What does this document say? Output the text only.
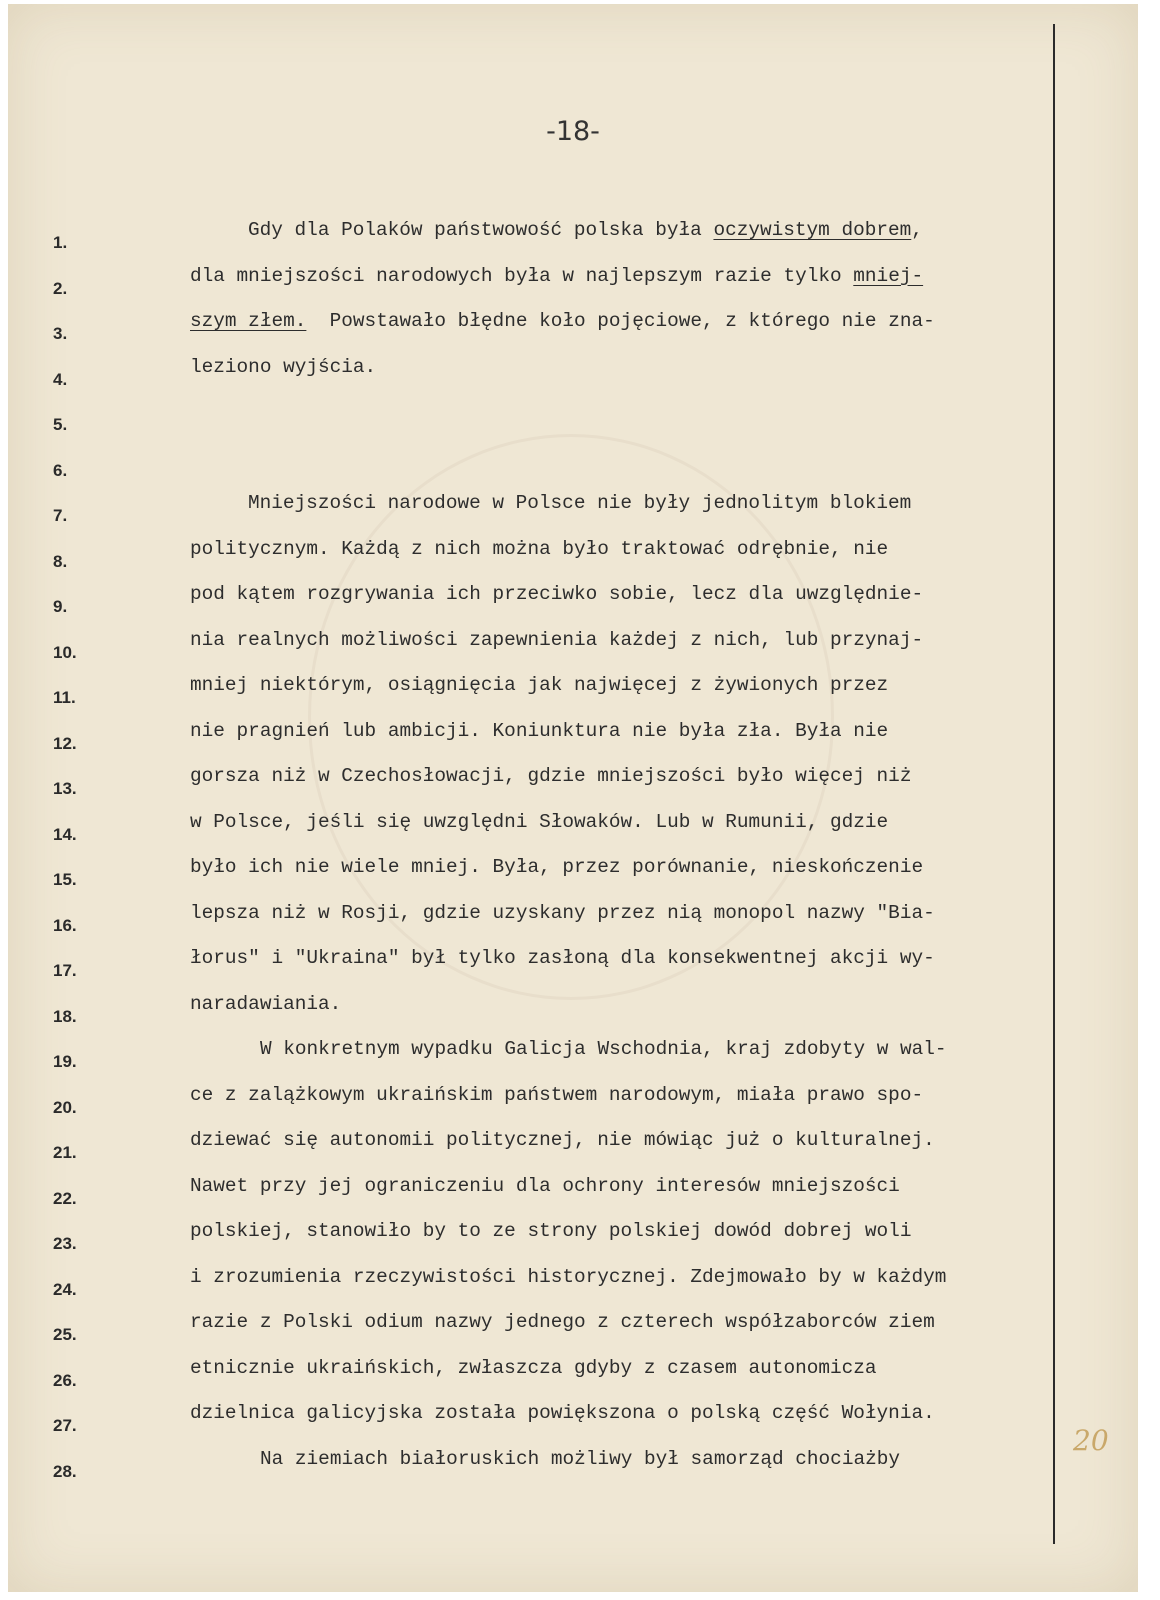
-18-
1.
2.
3.
4.
5.
6.
7.
8.
9.
10.
11.
12.
13.
14.
15.
16.
17.
18.
19.
20.
21.
22.
23.
24.
25.
26.
27.
28.
Gdy dla Polaków państwowość polska była oczywistym dobrem,
dla mniejszości narodowych była w najlepszym razie tylko mniej-
szym złem.  Powstawało błędne koło pojęciowe, z którego nie zna-
leziono wyjścia.
Mniejszości narodowe w Polsce nie były jednolitym blokiem
politycznym. Każdą z nich można było traktować odrębnie, nie
pod kątem rozgrywania ich przeciwko sobie, lecz dla uwzględnie-
nia realnych możliwości zapewnienia każdej z nich, lub przynaj-
mniej niektórym, osiągnięcia jak najwięcej z żywionych przez
nie pragnień lub ambicji. Koniunktura nie była zła. Była nie
gorsza niż w Czechosłowacji, gdzie mniejszości było więcej niż
w Polsce, jeśli się uwzględni Słowaków. Lub w Rumunii, gdzie
było ich nie wiele mniej. Była, przez porównanie, nieskończenie
lepsza niż w Rosji, gdzie uzyskany przez nią monopol nazwy "Bia-
łorus" i "Ukraina" był tylko zasłoną dla konsekwentnej akcji wy-
naradawiania.
W konkretnym wypadku Galicja Wschodnia, kraj zdobyty w wal-
ce z zalążkowym ukraińskim państwem narodowym, miała prawo spo-
dziewać się autonomii politycznej, nie mówiąc już o kulturalnej.
Nawet przy jej ograniczeniu dla ochrony interesów mniejszości
polskiej, stanowiło by to ze strony polskiej dowód dobrej woli
i zrozumienia rzeczywistości historycznej. Zdejmowało by w każdym
razie z Polski odium nazwy jednego z czterech współzaborców ziem
etnicznie ukraińskich, zwłaszcza gdyby z czasem autonomicza
dzielnica galicyjska została powiększona o polską część Wołynia.
Na ziemiach białoruskich możliwy był samorząd chociażby
20
